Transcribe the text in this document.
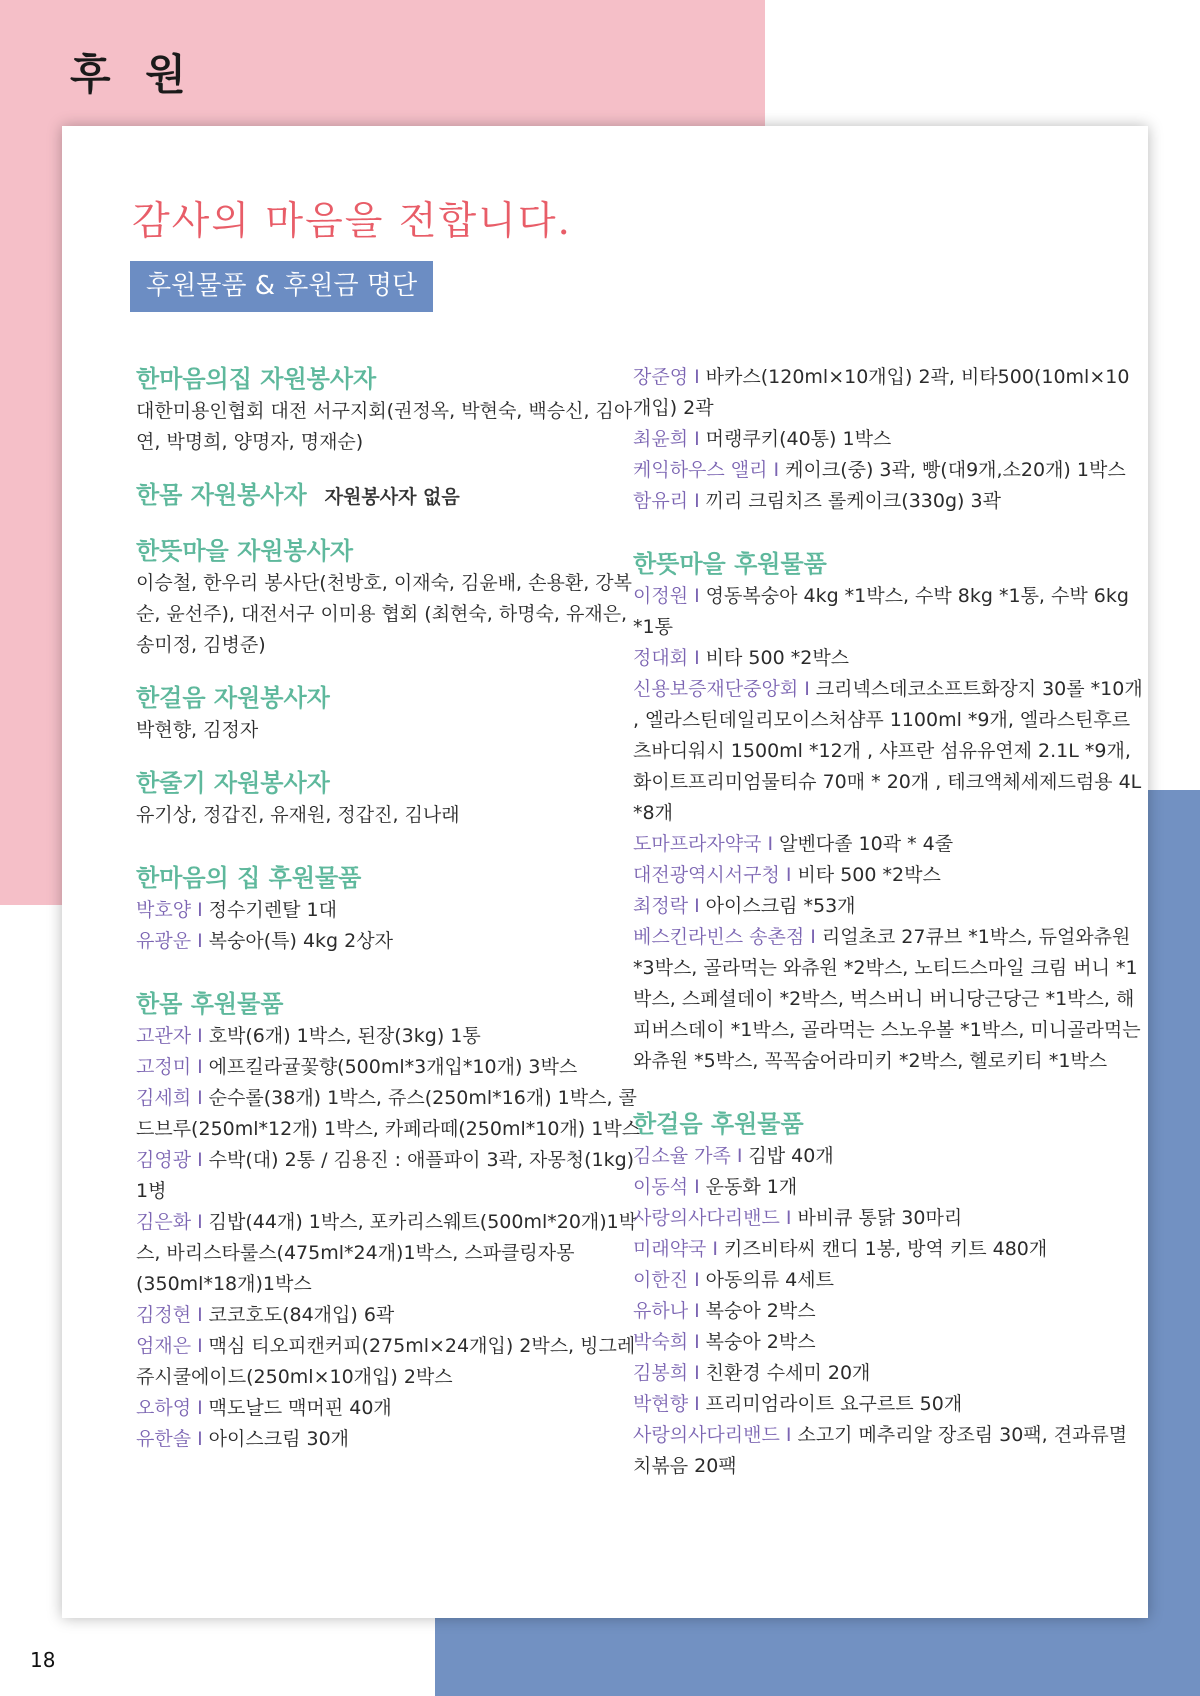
후 원
감사의 마음을 전합니다.
후원물품 & 후원금 명단
한마음의집 자원봉사자
대한미용인협회 대전 서구지회(권정옥, 박현숙, 백승신, 김아연, 박명희, 양명자, 명재순)
한몸 자원봉사자 자원봉사자 없음
한뜻마을 자원봉사자
이승철, 한우리 봉사단(천방호, 이재숙, 김윤배, 손용환, 강복순, 윤선주), 대전서구 이미용 협회 (최현숙, 하명숙, 유재은, 송미정, 김병준)
한걸음 자원봉사자
박현향, 김정자
한줄기 자원봉사자
유기상, 정갑진, 유재원, 정갑진, 김나래
한마음의 집 후원물품
박호양 I 정수기렌탈 1대
유광운 I 복숭아(특) 4kg 2상자
한몸 후원물품
고관자 I 호박(6개) 1박스, 된장(3kg) 1통
고정미 I 에프킬라귤꽃향(500ml*3개입*10개) 3박스
김세희 I 순수롤(38개) 1박스, 쥬스(250ml*16개) 1박스, 콜드브루(250ml*12개) 1박스, 카페라떼(250ml*10개) 1박스
김영광 I 수박(대) 2통 / 김용진 : 애플파이 3곽, 자몽청(1kg) 1병
김은화 I 김밥(44개) 1박스, 포카리스웨트(500ml*20개)1박스, 바리스타룰스(475ml*24개)1박스, 스파클링자몽(350ml*18개)1박스
김정현 I 코코호도(84개입) 6곽
엄재은 I 맥심 티오피캔커피(275ml×24개입) 2박스, 빙그레 쥬시쿨에이드(250ml×10개입) 2박스
오하영 I 맥도날드 맥머핀 40개
유한솔 I 아이스크림 30개
장준영 I 바카스(120ml×10개입) 2곽, 비타500(10ml×10개입) 2곽
최윤희 I 머랭쿠키(40통) 1박스
케익하우스 앨리 I 케이크(중) 3곽, 빵(대9개,소20개) 1박스
함유리 I 끼리 크림치즈 롤케이크(330g) 3곽
한뜻마을 후원물품
이정원 I 영동복숭아 4kg *1박스, 수박 8kg *1통, 수박 6kg *1통
정대회 I 비타 500 *2박스
신용보증재단중앙회 I 크리넥스데코소프트화장지 30롤 *10개 , 엘라스틴데일리모이스처샴푸 1100ml *9개, 엘라스틴후르츠바디워시 1500ml *12개 , 샤프란 섬유유연제 2.1L *9개, 화이트프리미엄물티슈 70매 * 20개 , 테크액체세제드럼용 4L *8개
도마프라자약국 I 알벤다졸 10곽 * 4줄
대전광역시서구청 I 비타 500 *2박스
최정락 I 아이스크림 *53개
베스킨라빈스 송촌점 I 리얼초코 27큐브 *1박스, 듀얼와츄원 *3박스, 골라먹는 와츄원 *2박스, 노티드스마일 크림 버니 *1박스, 스페셜데이 *2박스, 벅스버니 버니당근당근 *1박스, 해피버스데이 *1박스, 골라먹는 스노우볼 *1박스, 미니골라먹는 와츄원 *5박스, 꼭꼭숨어라미키 *2박스, 헬로키티 *1박스
한걸음 후원물품
김소율 가족 I 김밥 40개
이동석 I 운동화 1개
사랑의사다리밴드 I 바비큐 통닭 30마리
미래약국 I 키즈비타씨 캔디 1봉, 방역 키트 480개
이한진 I 아동의류 4세트
유하나 I 복숭아 2박스
박숙희 I 복숭아 2박스
김봉희 I 친환경 수세미 20개
박현향 I 프리미엄라이트 요구르트 50개
사랑의사다리밴드 I 소고기 메추리알 장조림 30팩, 견과류멸치볶음 20팩
18
